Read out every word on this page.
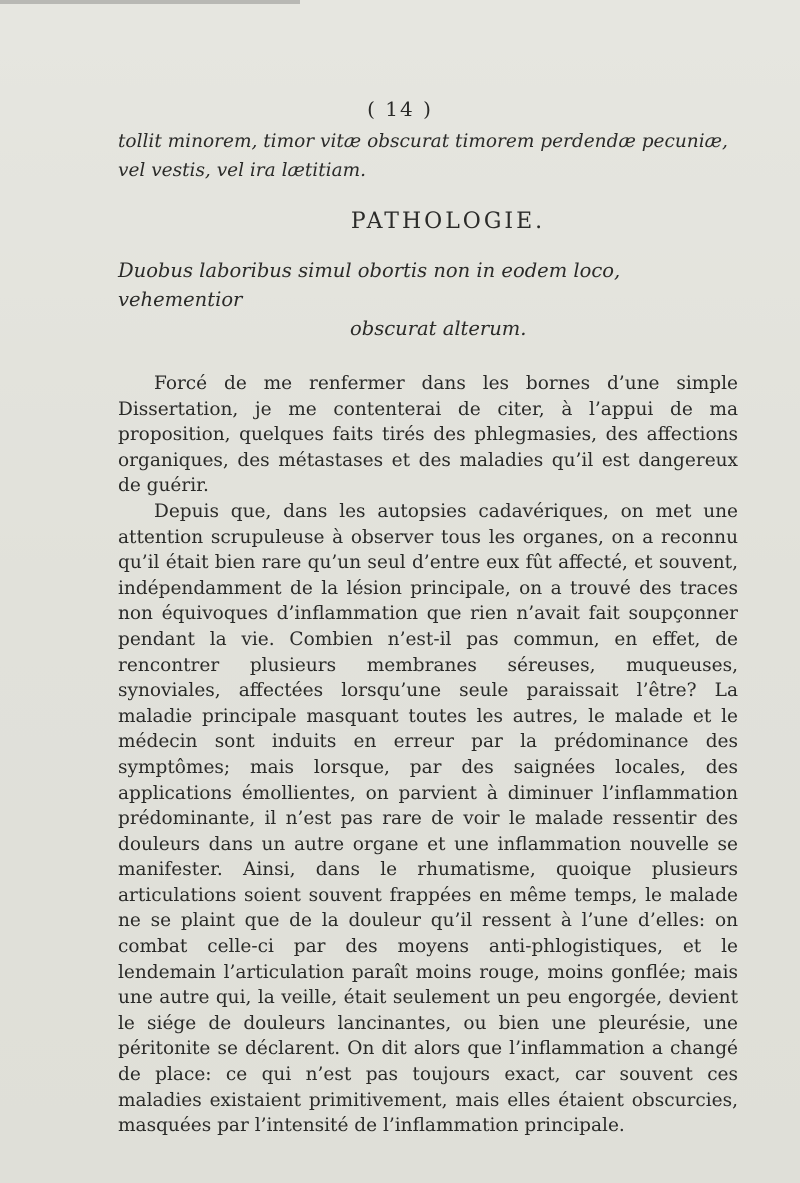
( 14 )

tollit minorem, timor vitæ obscurat timorem perdendæ pecuniæ, vel vestis, vel ira lætitiam.

PATHOLOGIE.

Duobus laboribus simul obortis non in eodem loco, vehementior
obscurat alterum.

Forcé de me renfermer dans les bornes d’une simple Dissertation, je me contenterai de citer, à l’appui de ma proposition, quelques faits tirés des phlegmasies, des affections organiques, des métastases et des maladies qu’il est dangereux de guérir.

Depuis que, dans les autopsies cadavériques, on met une attention scrupuleuse à observer tous les organes, on a reconnu qu’il était bien rare qu’un seul d’entre eux fût affecté, et souvent, indépendamment de la lésion principale, on a trouvé des traces non équivoques d’inflammation que rien n’avait fait soupçonner pendant la vie. Combien n’est-il pas commun, en effet, de rencontrer plusieurs membranes séreuses, muqueuses, synoviales, affectées lorsqu’une seule paraissait l’être? La maladie principale masquant toutes les autres, le malade et le médecin sont induits en erreur par la prédominance des symptômes; mais lorsque, par des saignées locales, des applications émollientes, on parvient à diminuer l’inflammation prédominante, il n’est pas rare de voir le malade ressentir des douleurs dans un autre organe et une inflammation nouvelle se manifester. Ainsi, dans le rhumatisme, quoique plusieurs articulations soient souvent frappées en même temps, le malade ne se plaint que de la douleur qu’il ressent à l’une d’elles: on combat celle-ci par des moyens anti-phlogistiques, et le lendemain l’articulation paraît moins rouge, moins gonflée; mais une autre qui, la veille, était seulement un peu engorgée, devient le siége de douleurs lancinantes, ou bien une pleurésie, une péritonite se déclarent. On dit alors que l’inflammation a changé de place: ce qui n’est pas toujours exact, car souvent ces maladies existaient primitivement, mais elles étaient obscurcies, masquées par l’intensité de l’inflammation principale.
